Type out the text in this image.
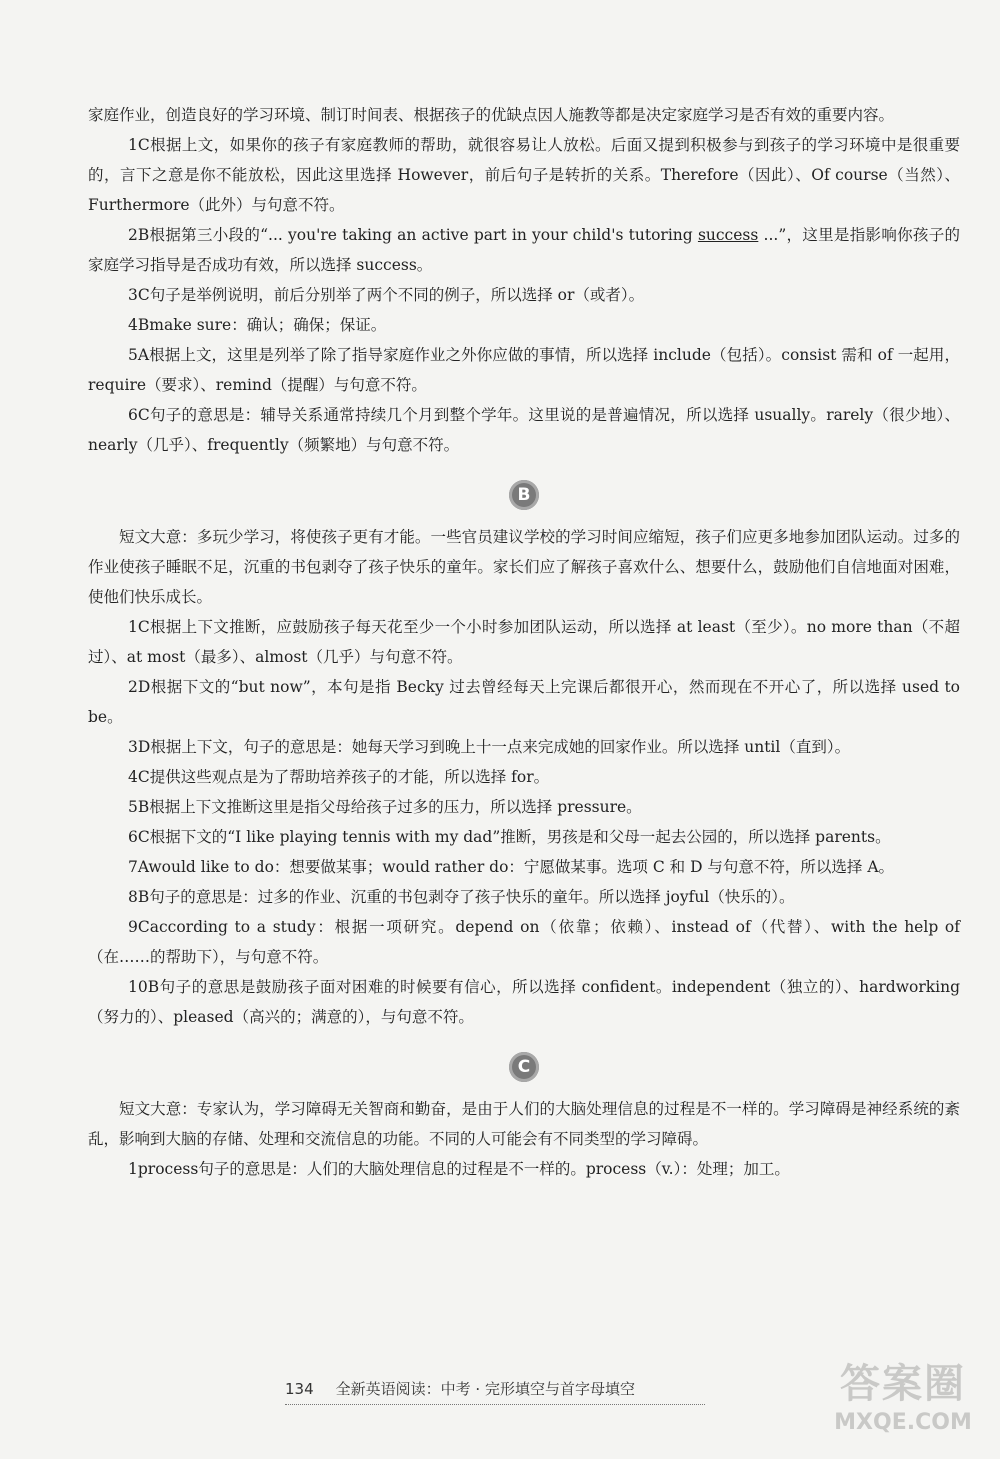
家庭作业，创造良好的学习环境、制订时间表、根据孩子的优缺点因人施教等都是决定家庭学习是否有效的重要内容。

1C根据上文，如果你的孩子有家庭教师的帮助，就很容易让人放松。后面又提到积极参与到孩子的学习环境中是很重要的，言下之意是你不能放松，因此这里选择 However，前后句子是转折的关系。Therefore（因此）、Of course（当然）、Furthermore（此外）与句意不符。

2B根据第三小段的“... you're taking an active part in your child's tutoring success ...”，这里是指影响你孩子的家庭学习指导是否成功有效，所以选择 success。

3C句子是举例说明，前后分别举了两个不同的例子，所以选择 or（或者）。

4Bmake sure：确认；确保；保证。

5A根据上文，这里是列举了除了指导家庭作业之外你应做的事情，所以选择 include（包括）。consist 需和 of 一起用，require（要求）、remind（提醒）与句意不符。

6C句子的意思是：辅导关系通常持续几个月到整个学年。这里说的是普遍情况，所以选择 usually。rarely（很少地）、nearly（几乎）、frequently（频繁地）与句意不符。

B

短文大意：多玩少学习，将使孩子更有才能。一些官员建议学校的学习时间应缩短，孩子们应更多地参加团队运动。过多的作业使孩子睡眠不足，沉重的书包剥夺了孩子快乐的童年。家长们应了解孩子喜欢什么、想要什么，鼓励他们自信地面对困难，使他们快乐成长。

1C根据上下文推断，应鼓励孩子每天花至少一个小时参加团队运动，所以选择 at least（至少）。no more than（不超过）、at most（最多）、almost（几乎）与句意不符。

2D根据下文的“but now”，本句是指 Becky 过去曾经每天上完课后都很开心，然而现在不开心了，所以选择 used to be。

3D根据上下文，句子的意思是：她每天学习到晚上十一点来完成她的回家作业。所以选择 until（直到）。

4C提供这些观点是为了帮助培养孩子的才能，所以选择 for。

5B根据上下文推断这里是指父母给孩子过多的压力，所以选择 pressure。

6C根据下文的“I like playing tennis with my dad”推断，男孩是和父母一起去公园的，所以选择 parents。

7Awould like to do：想要做某事；would rather do：宁愿做某事。选项 C 和 D 与句意不符，所以选择 A。

8B句子的意思是：过多的作业、沉重的书包剥夺了孩子快乐的童年。所以选择 joyful（快乐的）。

9Caccording to a study：根据一项研究。depend on（依靠；依赖）、instead of（代替）、with the help of（在……的帮助下），与句意不符。

10B句子的意思是鼓励孩子面对困难的时候要有信心，所以选择 confident。independent（独立的）、hardworking（努力的）、pleased（高兴的；满意的），与句意不符。

C

短文大意：专家认为，学习障碍无关智商和勤奋，是由于人们的大脑处理信息的过程是不一样的。学习障碍是神经系统的紊乱，影响到大脑的存储、处理和交流信息的功能。不同的人可能会有不同类型的学习障碍。

1process句子的意思是：人们的大脑处理信息的过程是不一样的。process（v.）：处理；加工。

134 全新英语阅读：中考 · 完形填空与首字母填空	答案圈
MXQE.COM
